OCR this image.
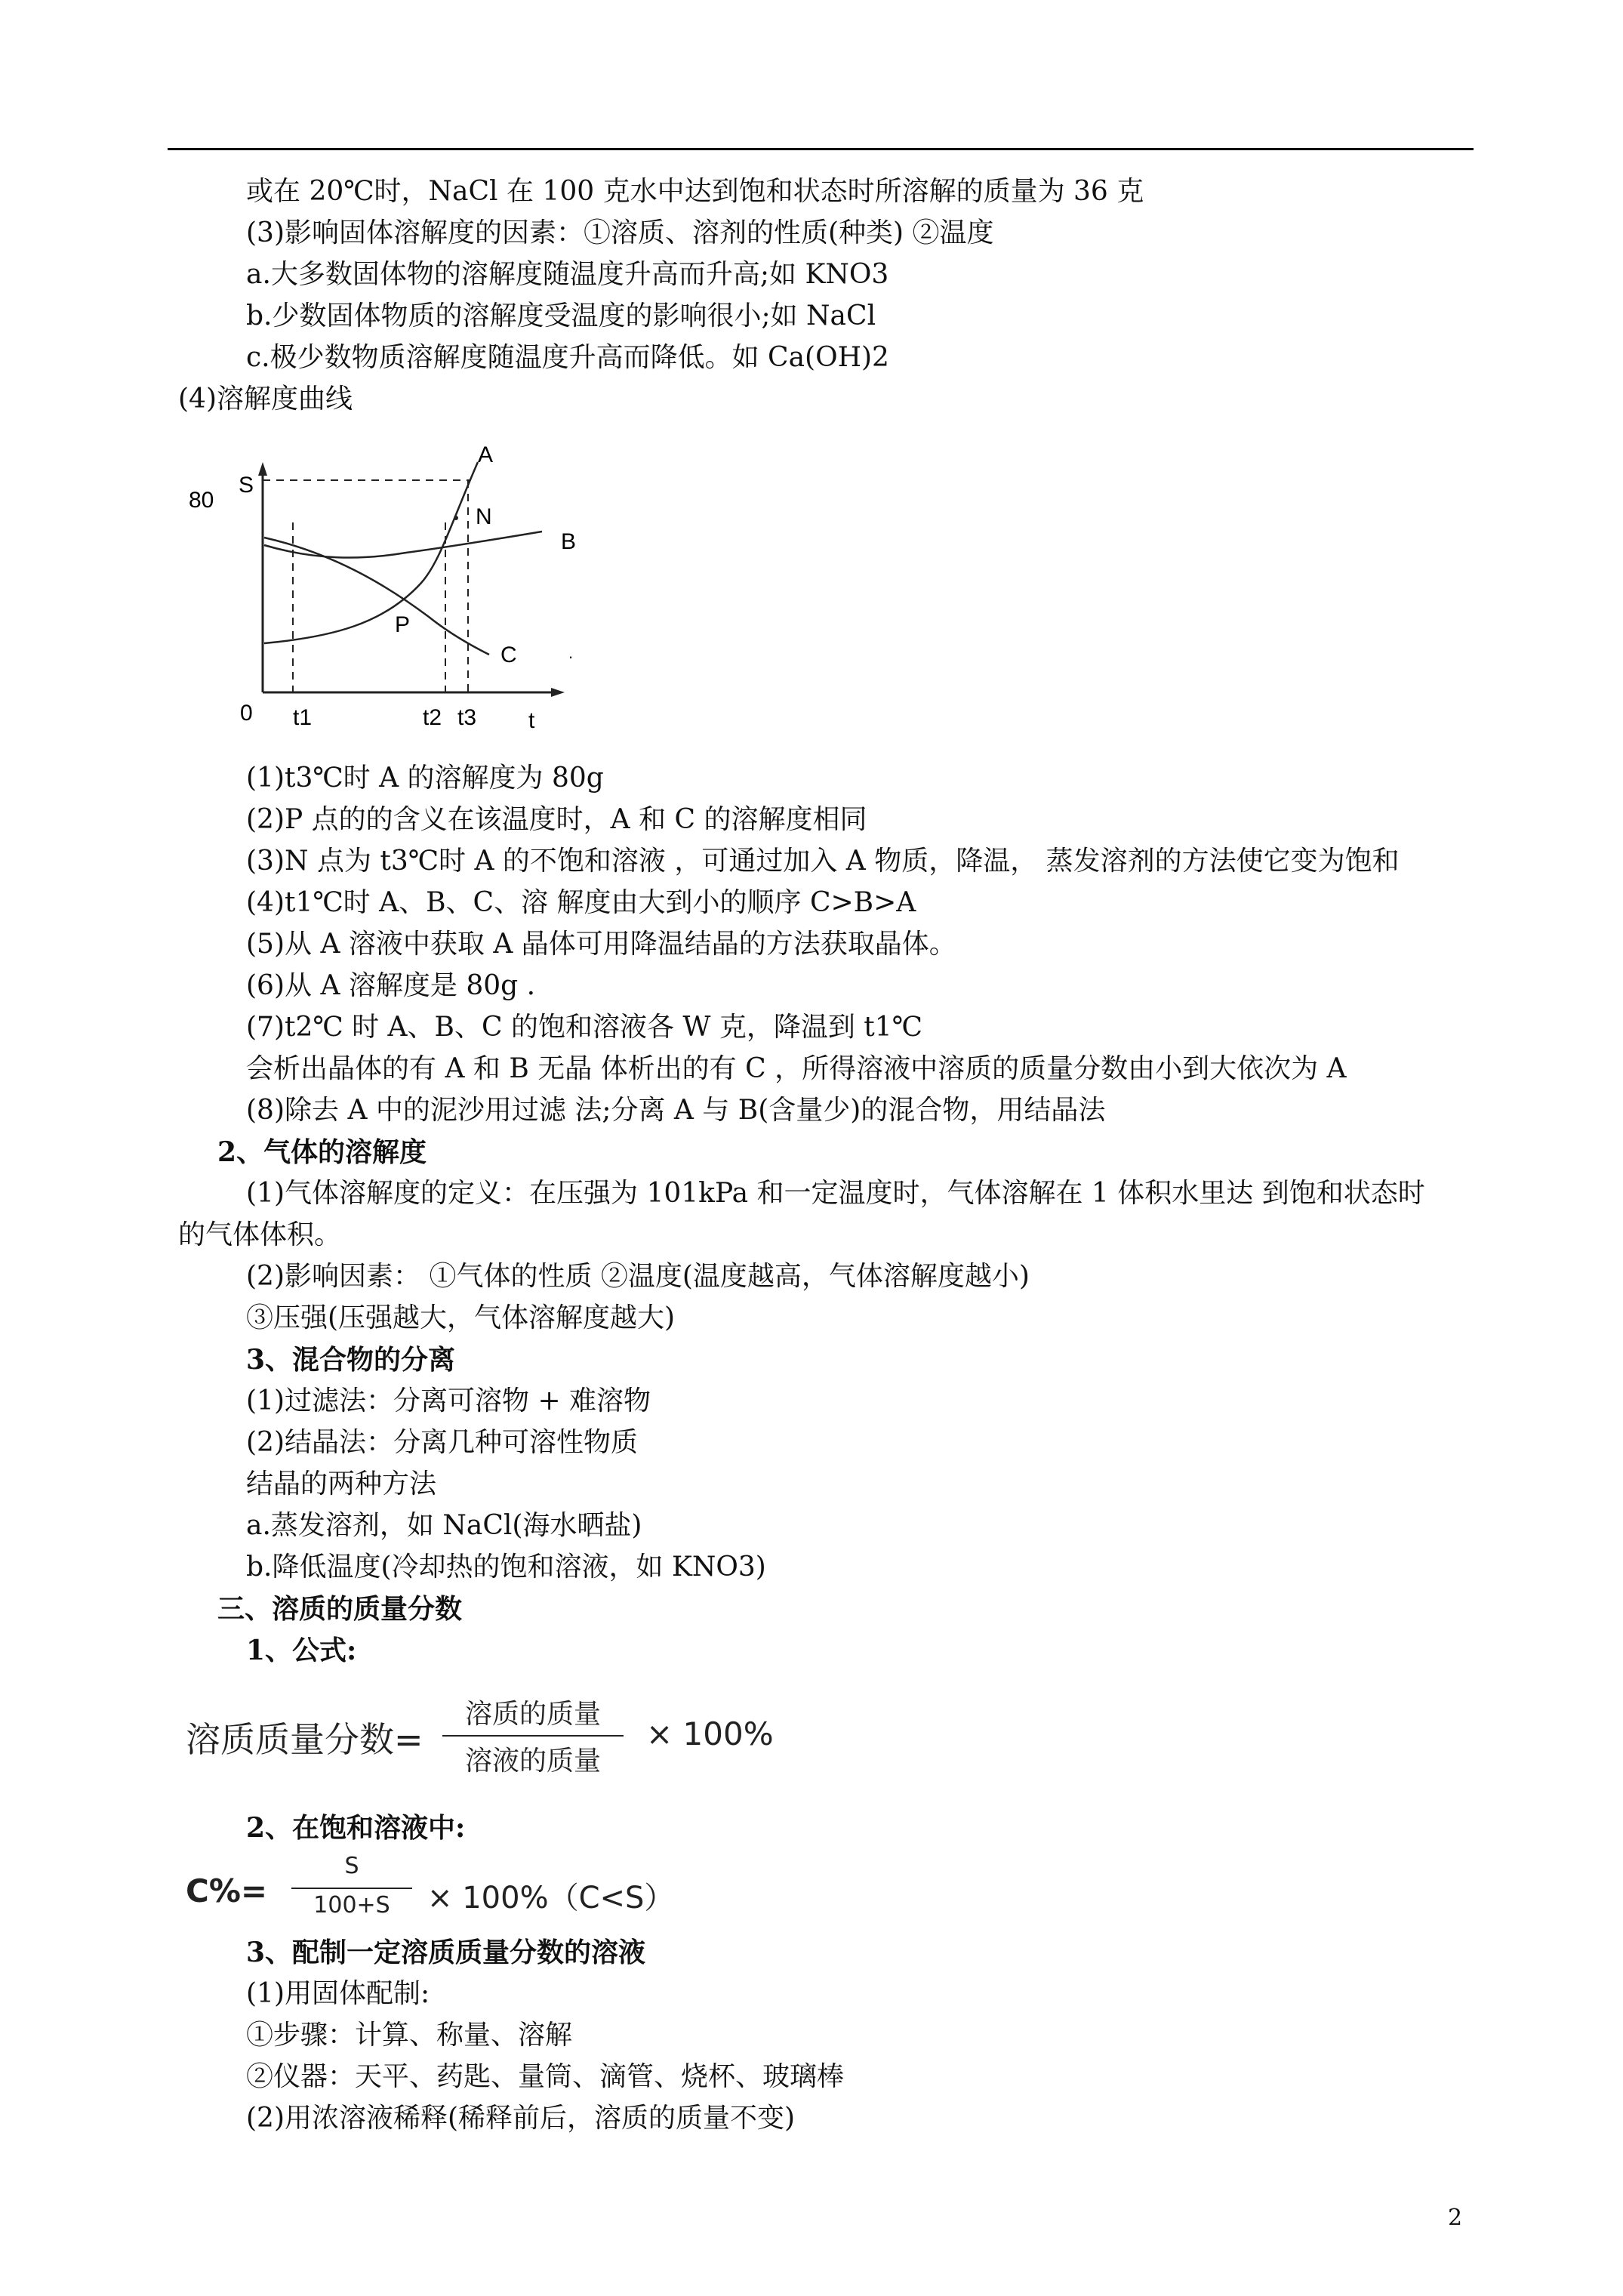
或在 20℃时，NaCl 在 100 克水中达到饱和状态时所溶解的质量为 36 克
(3)影响固体溶解度的因素：①溶质、溶剂的性质(种类) ②温度
a.大多数固体物的溶解度随温度升高而升高;如 KNO3
b.少数固体物质的溶解度受温度的影响很小;如 NaCl
c.极少数物质溶解度随温度升高而降低。如 Ca(OH)2
(4)溶解度曲线
80
S
A
B
C
N
P
.
0 t1	t2 t3 t
(1)t3℃时 A 的溶解度为 80g
(2)P 点的的含义在该温度时，A 和 C 的溶解度相同
(3)N 点为 t3℃时 A 的不饱和溶液 ，可通过加入 A 物质，降温， 蒸发溶剂的方法使它变为饱和
(4)t1℃时 A、B、C、溶 解度由大到小的顺序 C>B>A
(5)从 A 溶液中获取 A 晶体可用降温结晶的方法获取晶体。
(6)从 A 溶解度是 80g .
(7)t2℃ 时 A、B、C 的饱和溶液各 W 克，降温到 t1℃
会析出晶体的有 A 和 B 无晶 体析出的有 C ，所得溶液中溶质的质量分数由小到大依次为 A
(8)除去 A 中的泥沙用过滤 法;分离 A 与 B(含量少)的混合物，用结晶法
2、气体的溶解度
(1)气体溶解度的定义：在压强为 101kPa 和一定温度时，气体溶解在 1 体积水里达 到饱和状态时
的气体体积。
(2)影响因素： ①气体的性质 ②温度(温度越高，气体溶解度越小)
③压强(压强越大，气体溶解度越大)
3、混合物的分离
(1)过滤法：分离可溶物 + 难溶物
(2)结晶法：分离几种可溶性物质
结晶的两种方法
a.蒸发溶剂，如 NaCl(海水晒盐)
b.降低温度(冷却热的饱和溶液，如 KNO3)
三、溶质的质量分数
1、公式:
溶质质量分数=
溶质的质量
溶液的质量
× 100%
2、在饱和溶液中:
C%=
S
100+S	× 100%（C<S）
3、配制一定溶质质量分数的溶液
(1)用固体配制:
①步骤：计算、称量、溶解
②仪器：天平、药匙、量筒、滴管、烧杯、玻璃棒
(2)用浓溶液稀释(稀释前后，溶质的质量不变)
2
